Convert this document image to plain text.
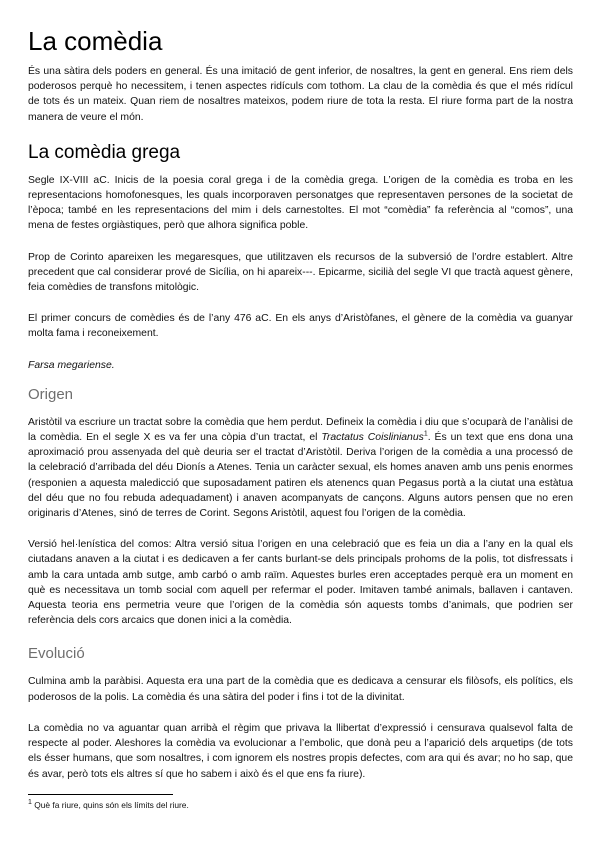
La comèdia

És una sàtira dels poders en general. És una imitació de gent inferior, de nosaltres, la gent en general. Ens riem dels poderosos perquè ho necessitem, i tenen aspectes ridículs com tothom. La clau de la comèdia és que el més ridícul de tots és un mateix. Quan riem de nosaltres mateixos, podem riure de tota la resta. El riure forma part de la nostra manera de veure el món.

La comèdia grega

Segle IX-VIII aC. Inicis de la poesia coral grega i de la comèdia grega. L’origen de la comèdia es troba en les representacions homofonesques, les quals incorporaven personatges que representaven persones de la societat de l’època; també en les representacions del mim i dels carnestoltes. El mot “comèdia” fa referència al “comos”, una mena de festes orgiàstiques, però que alhora significa poble.

Prop de Corinto apareixen les megaresques, que utilitzaven els recursos de la subversió de l’ordre establert. Altre precedent que cal considerar prové de Sicília, on hi apareix---. Epicarme, sicilià del segle VI que tractà aquest gènere, feia comèdies de transfons mitològic.

El primer concurs de comèdies és de l’any 476 aC. En els anys d’Aristòfanes, el gènere de la comèdia va guanyar molta fama i reconeixement.

Farsa megariense.

Origen

Aristòtil va escriure un tractat sobre la comèdia que hem perdut. Defineix la comèdia i diu que s’ocuparà de l’anàlisi de la comèdia. En el segle X es va fer una còpia d’un tractat, el Tractatus Coislinianus$^1$. És un text que ens dona una aproximació prou assenyada del què deuria ser el tractat d’Aristòtil. Deriva l’origen de la comèdia a una processó de la celebració d’arribada del déu Dionís a Atenes. Tenia un caràcter sexual, els homes anaven amb uns penis enormes (responien a aquesta maledicció que suposadament patiren els atenencs quan Pegasus portà a la ciutat una estàtua del déu que no fou rebuda adequadament) i anaven acompanyats de cançons. Alguns autors pensen que no eren originaris d’Atenes, sinó de terres de Corint. Segons Aristòtil, aquest fou l’origen de la comèdia.

Versió hel·lenística del comos: Altra versió situa l’origen en una celebració que es feia un dia a l’any en la qual els ciutadans anaven a la ciutat i es dedicaven a fer cants burlant-se dels principals prohoms de la polis, tot disfressats i amb la cara untada amb sutge, amb carbó o amb raïm. Aquestes burles eren acceptades perquè era un moment en què es necessitava un tomb social com aquell per refermar el poder. Imitaven també animals, ballaven i cantaven. Aquesta teoria ens permetria veure que l’origen de la comèdia són aquests tombs d’animals, que podrien ser referència dels cors arcaics que donen inici a la comèdia.

Evolució

Culmina amb la paràbisi. Aquesta era una part de la comèdia que es dedicava a censurar els filòsofs, els polítics, els poderosos de la polis. La comèdia és una sàtira del poder i fins i tot de la divinitat.

La comèdia no va aguantar quan arribà el règim que privava la llibertat d’expressió i censurava qualsevol falta de respecte al poder. Aleshores la comèdia va evolucionar a l’embolic, que donà peu a l’aparició dels arquetips (de tots els ésser humans, que som nosaltres, i com ignorem els nostres propis defectes, com ara qui és avar; no ho sap, que és avar, però tots els altres sí que ho sabem i això és el que ens fa riure).

$^1$ Què fa riure, quins són els límits del riure.
